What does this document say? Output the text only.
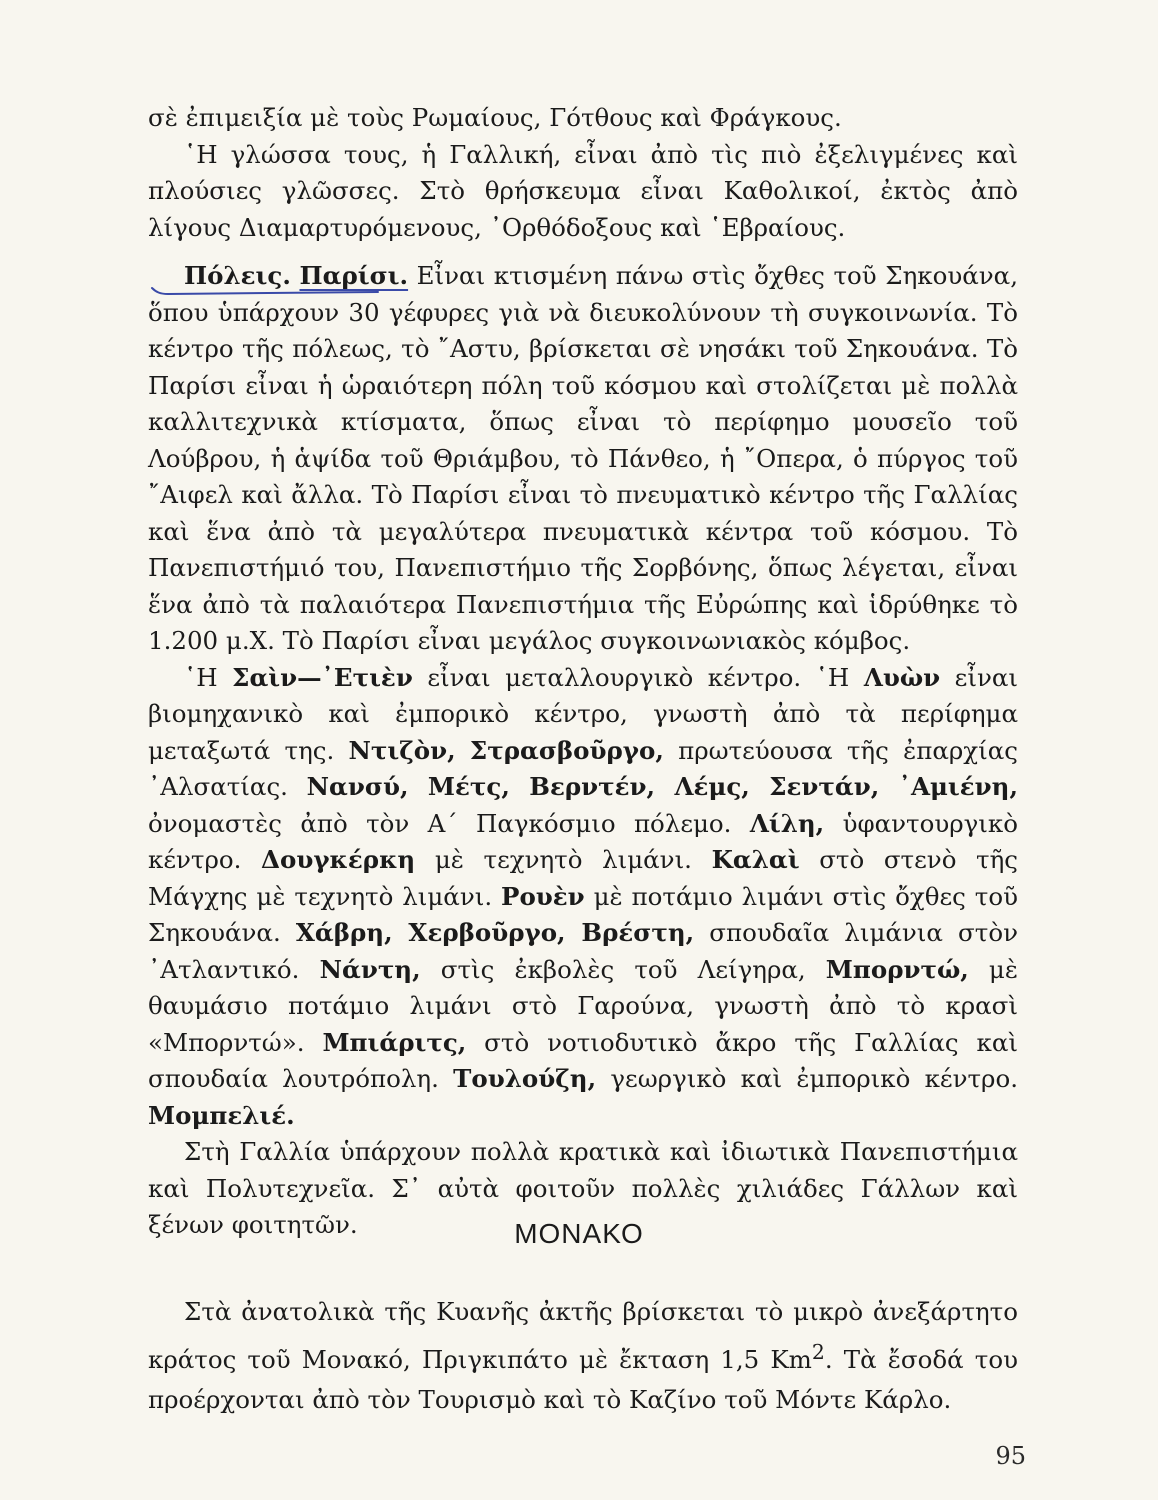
σὲ ἐπιμειξία μὲ τοὺς Ρωμαίους, Γότθους καὶ Φράγκους.

῾Η γλώσσα τους, ἡ Γαλλική, εἶναι ἀπὸ τὶς πιὸ ἐξελιγμένες καὶ πλούσιες γλῶσσες. Στὸ θρήσκευμα εἶναι Καθολικοί, ἐκτὸς ἀπὸ λίγους Διαμαρτυρόμενους, ᾽Ορθόδοξους καὶ ῾Εβραίους.

Πόλεις. Παρίσι. Εἶναι κτισμένη πάνω στὶς ὄχθες τοῦ Σηκουάνα, ὅπου ὑπάρχουν 30 γέφυρες γιὰ νὰ διευκολύνουν τὴ συγκοινωνία. Τὸ κέντρο τῆς πόλεως, τὸ ῎Αστυ, βρίσκεται σὲ νησάκι τοῦ Σηκουάνα. Τὸ Παρίσι εἶναι ἡ ὡραιότερη πόλη τοῦ κόσμου καὶ στολίζεται μὲ πολλὰ καλλιτεχνικὰ κτίσματα, ὅπως εἶναι τὸ περίφημο μουσεῖο τοῦ Λούβρου, ἡ ἁψίδα τοῦ Θριάμβου, τὸ Πάνθεο, ἡ ῎Οπερα, ὁ πύργος τοῦ ῎Αιφελ καὶ ἄλλα. Τὸ Παρίσι εἶναι τὸ πνευματικὸ κέντρο τῆς Γαλλίας καὶ ἕνα ἀπὸ τὰ μεγαλύτερα πνευματικὰ κέντρα τοῦ κόσμου. Τὸ Πανεπιστήμιό του, Πανεπιστήμιο τῆς Σορβόνης, ὅπως λέγεται, εἶναι ἕνα ἀπὸ τὰ παλαιότερα Πανεπιστήμια τῆς Εὐρώπης καὶ ἱδρύθηκε τὸ 1.200 μ.Χ. Τὸ Παρίσι εἶναι μεγάλος συγκοινωνιακὸς κόμβος.

῾Η Σαὶν—᾽Ετιὲν εἶναι μεταλλουργικὸ κέντρο. ῾Η Λυὼν εἶναι βιομηχανικὸ καὶ ἐμπορικὸ κέντρο, γνωστὴ ἀπὸ τὰ περίφημα μεταξωτά της. Ντιζὸν, Στρασβοῦργο, πρωτεύουσα τῆς ἐπαρχίας ᾽Αλσατίας. Νανσύ, Μέτς, Βερντέν, Λέμς, Σεντάν, ᾽Αμιένη, ὀνομαστὲς ἀπὸ τὸν Α΄ Παγκόσμιο πόλεμο. Λίλη, ὑφαντουργικὸ κέντρο. Δουγκέρκη μὲ τεχνητὸ λιμάνι. Καλαὶ στὸ στενὸ τῆς Μάγχης μὲ τεχνητὸ λιμάνι. Ρουὲν μὲ ποτάμιο λιμάνι στὶς ὄχθες τοῦ Σηκουάνα. Χάβρη, Χερβοῦργο, Βρέστη, σπουδαῖα λιμάνια στὸν ᾽Ατλαντικό. Νάντη, στὶς ἐκβολὲς τοῦ Λείγηρα, Μπορντώ, μὲ θαυμάσιο ποτάμιο λιμάνι στὸ Γαρούνα, γνωστὴ ἀπὸ τὸ κρασὶ «Μπορντώ». Μπιάριτς, στὸ νοτιοδυτικὸ ἄκρο τῆς Γαλλίας καὶ σπουδαία λουτρόπολη. Τουλούζη, γεωργικὸ καὶ ἐμπορικὸ κέντρο. Μομπελιέ.

Στὴ Γαλλία ὑπάρχουν πολλὰ κρατικὰ καὶ ἰδιωτικὰ Πανεπιστήμια καὶ Πολυτεχνεῖα. Σ᾽ αὐτὰ φοιτοῦν πολλὲς χιλιάδες Γάλλων καὶ ξένων φοιτητῶν.	ΜΟΝΑΚΟ

Στὰ ἀνατολικὰ τῆς Κυανῆς ἀκτῆς βρίσκεται τὸ μικρὸ ἀνεξάρτητο κράτος τοῦ Μονακό, Πριγκιπάτο μὲ ἔκταση 1,5 Km$^2$. Τὰ ἔσοδά του προέρχονται ἀπὸ τὸν Τουρισμὸ καὶ τὸ Καζίνο τοῦ Μόντε Κάρλο.

95
